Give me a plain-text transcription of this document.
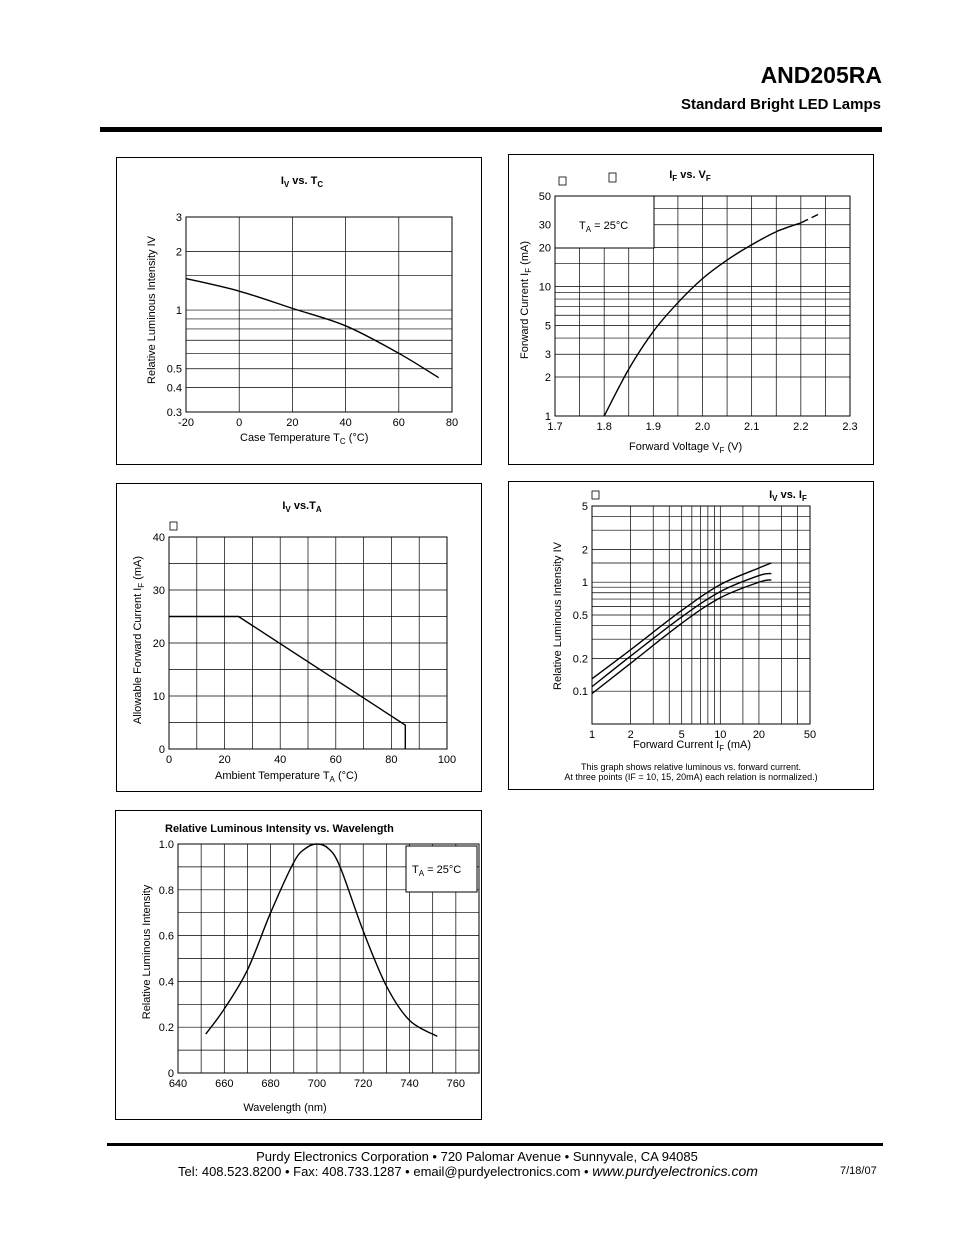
AND205RA
Standard Bright LED Lamps
$I_V$ vs. $T_C$
-20	0	20	40	60	80
0.3
0.4
0.5
1
2
3
Case Temperature $T_C$ (°C)
Relative Luminous Intensity IV
$I_F$ vs. $V_F$
$T_A = 25^\circ C$
1.7	1.8	1.9	2.0	2.1	2.2	2.3
1
2
3
5
10
20
30
50
Forward Voltage $V_F$ (V)
Forward Current $I_F$ (mA)
$I_V$ $vs.T_A$
0	20	40	60	80	100
0
10
20
30
40
Ambient Temperature $T_A$ (°C)
Allowable Forward Current $I_F$ (mA)
$I_V$ vs. $I_F$
1	2	5	10 20	50
0.1
0.2
0.5
1
2
5
Forward Current $I_F$ (mA)
Relative Luminous Intensity IV
This graph shows relative luminous vs. forward current.
At three points (IF = 10, 15, 20mA) each relation is normalized.)
Relative Luminous Intensity vs. Wavelength
$T_A = 25^\circ C$
640	660	680	700	720	740	760
0
0.2
0.4
0.6
0.8
1.0
Wavelength (nm)
Relative Luminous Intensity
Purdy Electronics Corporation • 720 Palomar Avenue • Sunnyvale, CA 94085
Tel: 408.523.8200 • Fax: 408.733.1287 • email@purdyelectronics.com • www.purdyelectronics.com	7/18/07
